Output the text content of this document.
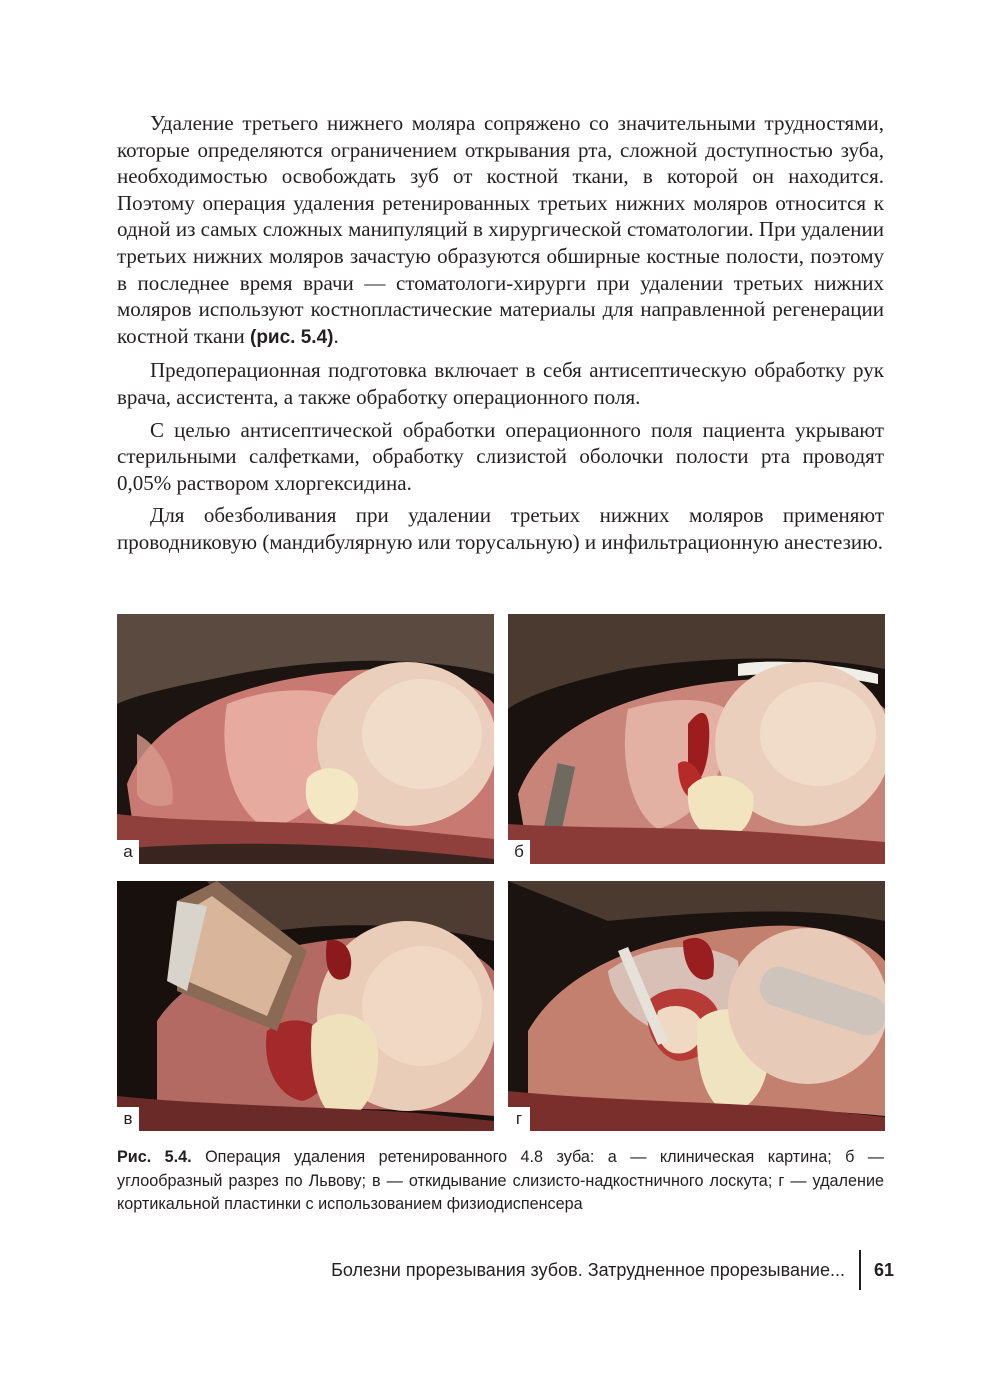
Удаление третьего нижнего моляра сопряжено со значительными трудностями, которые определяются ограничением открывания рта, сложной доступностью зуба, необходимостью освобождать зуб от костной ткани, в которой он находится. Поэтому операция удаления ретенированных третьих нижних моляров относится к одной из самых сложных манипуляций в хирургической стоматологии. При удалении третьих нижних моляров зачастую образуются обширные костные полости, поэтому в последнее время врачи — стоматологи-хирурги при удалении третьих нижних моляров используют костнопластические материалы для направленной регенерации костной ткани (рис. 5.4).

Предоперационная подготовка включает в себя антисептическую обработку рук врача, ассистента, а также обработку операционного поля.

С целью антисептической обработки операционного поля пациента укрывают стерильными салфетками, обработку слизистой оболочки полости рта проводят 0,05% раствором хлоргексидина.

Для обезболивания при удалении третьих нижних моляров применяют проводниковую (мандибулярную или торусальную) и инфильтрационную анестезию.

а	б
в	г
Рис. 5.4. Операция удаления ретенированного 4.8 зуба: а — клиническая картина; б — углообразный разрез по Львову; в — откидывание слизисто-надкостничного лоскута; г — удаление кортикальной пластинки с использованием физиодиспенсера
Болезни прорезывания зубов. Затрудненное прорезывание... 61
